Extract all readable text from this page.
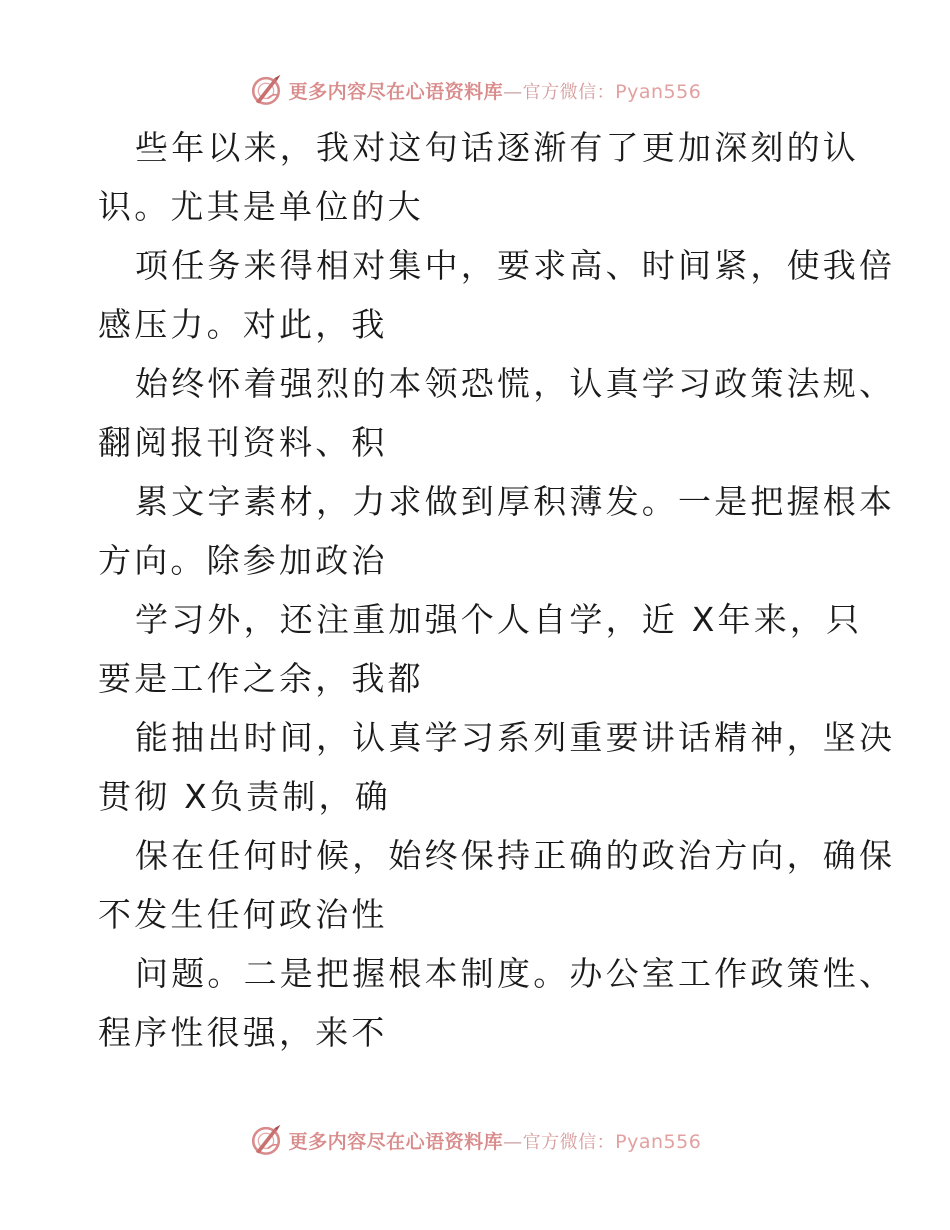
更多内容尽在心语资料库—官方微信：Pyan556
些年以来，我对这句话逐渐有了更加深刻的认
识。尤其是单位的大
项任务来得相对集中，要求高、时间紧，使我倍
感压力。对此，我
始终怀着强烈的本领恐慌，认真学习政策法规、
翻阅报刊资料、积
累文字素材，力求做到厚积薄发。一是把握根本
方向。除参加政治
学习外，还注重加强个人自学，近 X年来，只
要是工作之余，我都
能抽出时间，认真学习系列重要讲话精神，坚决
贯彻 X负责制，确
保在任何时候，始终保持正确的政治方向，确保
不发生任何政治性
问题。二是把握根本制度。办公室工作政策性、
程序性很强，来不
更多内容尽在心语资料库—官方微信：Pyan556
